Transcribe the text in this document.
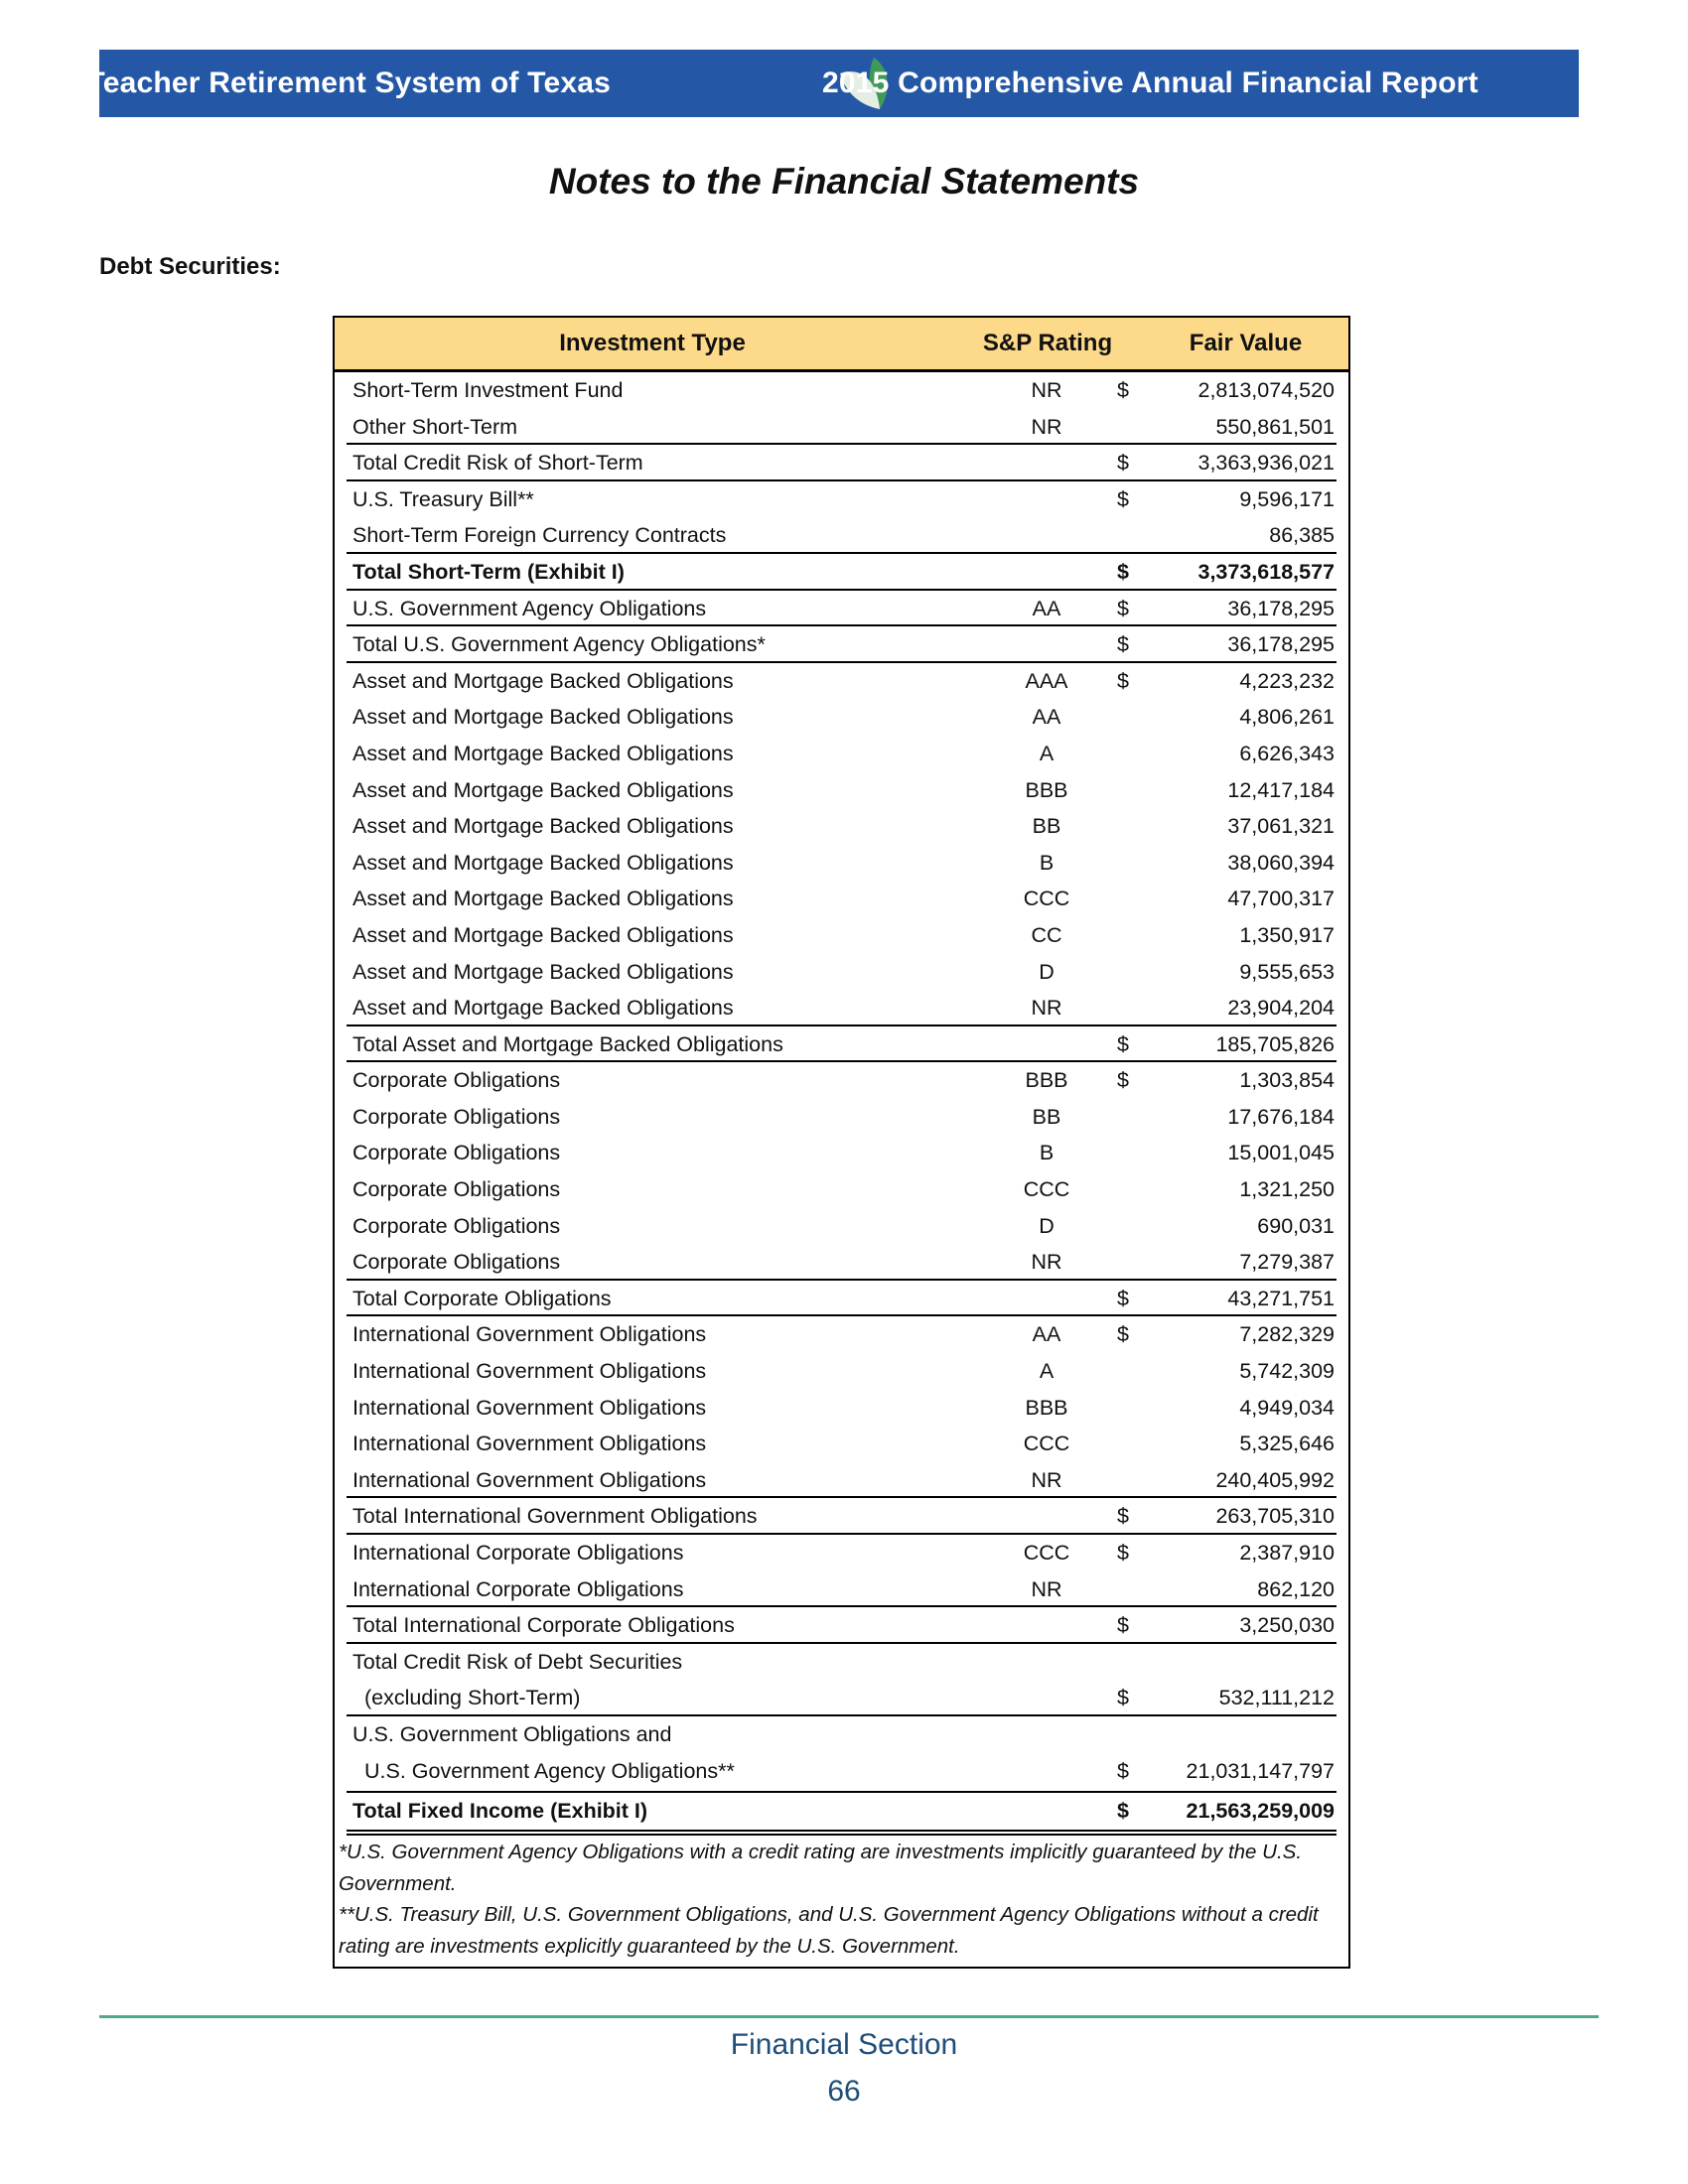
Teacher Retirement System of Texas	2015 Comprehensive Annual Financial Report
Notes to the Financial Statements
Debt Securities:
Investment Type	S&P Rating	Fair Value
Short-Term Investment Fund	NR	$	2,813,074,520
Other Short-Term	NR	550,861,501
Total Credit Risk of Short-Term	$	3,363,936,021
U.S. Treasury Bill**	$	9,596,171
Short-Term Foreign Currency Contracts	86,385
Total Short-Term (Exhibit I)	$	3,373,618,577
U.S. Government Agency Obligations	AA	$	36,178,295
Total U.S. Government Agency Obligations*	$	36,178,295
Asset and Mortgage Backed Obligations	AAA	$	4,223,232
Asset and Mortgage Backed Obligations	AA	4,806,261
Asset and Mortgage Backed Obligations	A	6,626,343
Asset and Mortgage Backed Obligations	BBB	12,417,184
Asset and Mortgage Backed Obligations	BB	37,061,321
Asset and Mortgage Backed Obligations	B	38,060,394
Asset and Mortgage Backed Obligations	CCC	47,700,317
Asset and Mortgage Backed Obligations	CC	1,350,917
Asset and Mortgage Backed Obligations	D	9,555,653
Asset and Mortgage Backed Obligations	NR	23,904,204
Total Asset and Mortgage Backed Obligations	$	185,705,826
Corporate Obligations	BBB	$	1,303,854
Corporate Obligations	BB	17,676,184
Corporate Obligations	B	15,001,045
Corporate Obligations	CCC	1,321,250
Corporate Obligations	D	690,031
Corporate Obligations	NR	7,279,387
Total Corporate Obligations	$	43,271,751
International Government Obligations	AA	$	7,282,329
International Government Obligations	A	5,742,309
International Government Obligations	BBB	4,949,034
International Government Obligations	CCC	5,325,646
International Government Obligations	NR	240,405,992
Total International Government Obligations	$	263,705,310
International Corporate Obligations	CCC	$	2,387,910
International Corporate Obligations	NR	862,120
Total International Corporate Obligations	$	3,250,030
Total Credit Risk of Debt Securities
(excluding Short-Term)	$	532,111,212
U.S. Government Obligations and
U.S. Government Agency Obligations**	$	21,031,147,797
Total Fixed Income (Exhibit I)	$	21,563,259,009
*U.S. Government Agency Obligations with a credit rating are investments implicitly guaranteed by the U.S. Government.
**U.S. Treasury Bill, U.S. Government Obligations, and U.S. Government Agency Obligations without a credit rating are investments explicitly guaranteed by the U.S. Government.
Financial Section
66
